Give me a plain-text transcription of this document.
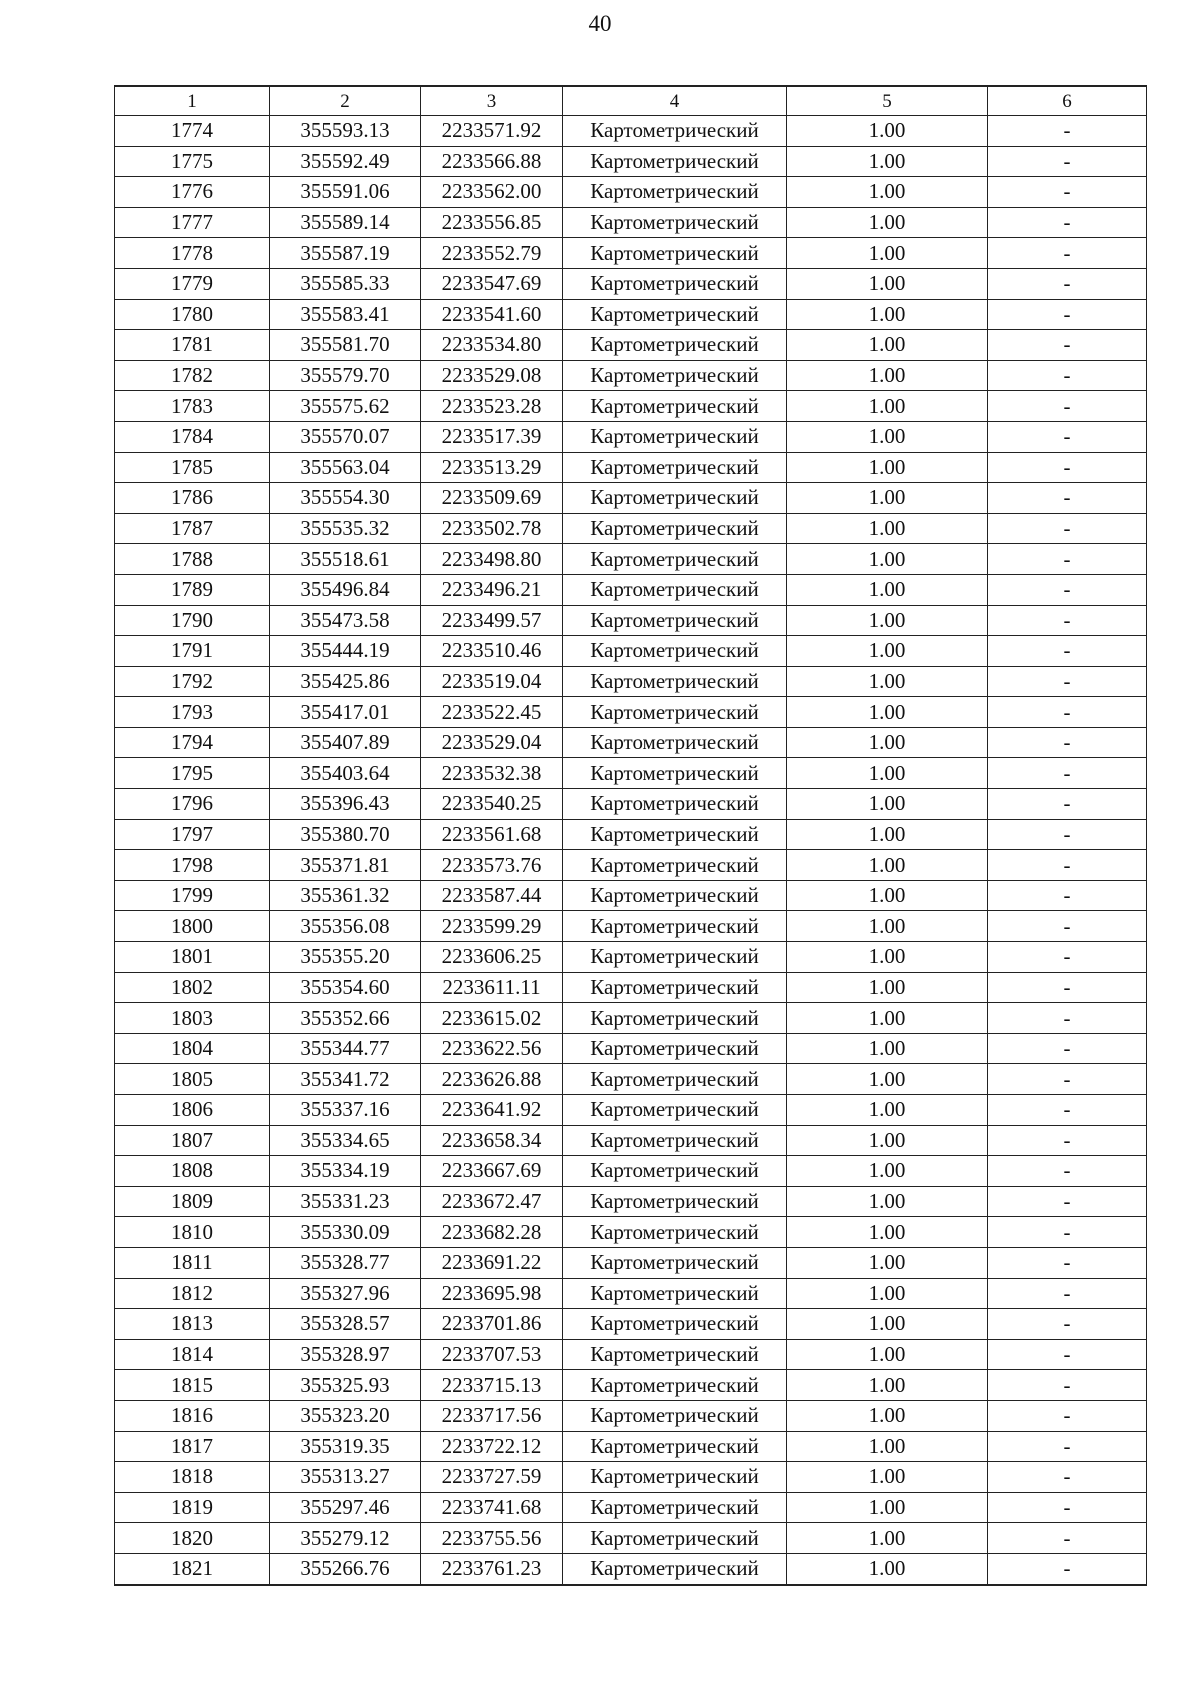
40
1	2	3	4	5	6
1774	355593.13	2233571.92	Картометрический	1.00	-
1775	355592.49	2233566.88	Картометрический	1.00	-
1776	355591.06	2233562.00	Картометрический	1.00	-
1777	355589.14	2233556.85	Картометрический	1.00	-
1778	355587.19	2233552.79	Картометрический	1.00	-
1779	355585.33	2233547.69	Картометрический	1.00	-
1780	355583.41	2233541.60	Картометрический	1.00	-
1781	355581.70	2233534.80	Картометрический	1.00	-
1782	355579.70	2233529.08	Картометрический	1.00	-
1783	355575.62	2233523.28	Картометрический	1.00	-
1784	355570.07	2233517.39	Картометрический	1.00	-
1785	355563.04	2233513.29	Картометрический	1.00	-
1786	355554.30	2233509.69	Картометрический	1.00	-
1787	355535.32	2233502.78	Картометрический	1.00	-
1788	355518.61	2233498.80	Картометрический	1.00	-
1789	355496.84	2233496.21	Картометрический	1.00	-
1790	355473.58	2233499.57	Картометрический	1.00	-
1791	355444.19	2233510.46	Картометрический	1.00	-
1792	355425.86	2233519.04	Картометрический	1.00	-
1793	355417.01	2233522.45	Картометрический	1.00	-
1794	355407.89	2233529.04	Картометрический	1.00	-
1795	355403.64	2233532.38	Картометрический	1.00	-
1796	355396.43	2233540.25	Картометрический	1.00	-
1797	355380.70	2233561.68	Картометрический	1.00	-
1798	355371.81	2233573.76	Картометрический	1.00	-
1799	355361.32	2233587.44	Картометрический	1.00	-
1800	355356.08	2233599.29	Картометрический	1.00	-
1801	355355.20	2233606.25	Картометрический	1.00	-
1802	355354.60	2233611.11	Картометрический	1.00	-
1803	355352.66	2233615.02	Картометрический	1.00	-
1804	355344.77	2233622.56	Картометрический	1.00	-
1805	355341.72	2233626.88	Картометрический	1.00	-
1806	355337.16	2233641.92	Картометрический	1.00	-
1807	355334.65	2233658.34	Картометрический	1.00	-
1808	355334.19	2233667.69	Картометрический	1.00	-
1809	355331.23	2233672.47	Картометрический	1.00	-
1810	355330.09	2233682.28	Картометрический	1.00	-
1811	355328.77	2233691.22	Картометрический	1.00	-
1812	355327.96	2233695.98	Картометрический	1.00	-
1813	355328.57	2233701.86	Картометрический	1.00	-
1814	355328.97	2233707.53	Картометрический	1.00	-
1815	355325.93	2233715.13	Картометрический	1.00	-
1816	355323.20	2233717.56	Картометрический	1.00	-
1817	355319.35	2233722.12	Картометрический	1.00	-
1818	355313.27	2233727.59	Картометрический	1.00	-
1819	355297.46	2233741.68	Картометрический	1.00	-
1820	355279.12	2233755.56	Картометрический	1.00	-
1821	355266.76	2233761.23	Картометрический	1.00	-
